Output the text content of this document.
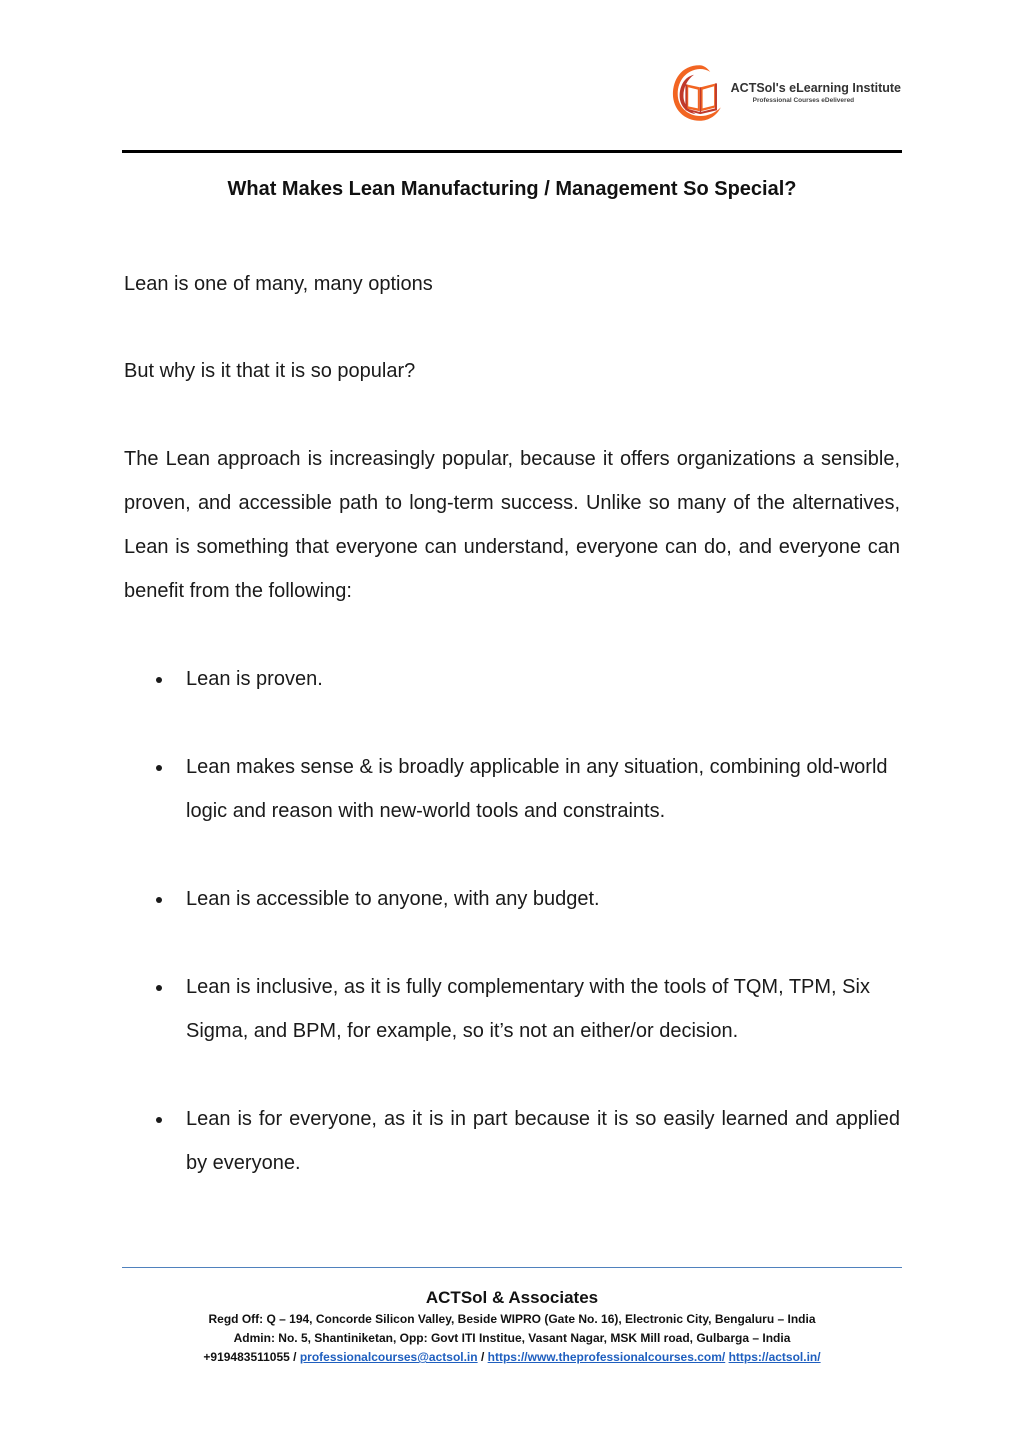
ACTSol's eLearning Institute
Professional Courses eDelivered
What Makes Lean Manufacturing / Management So Special?

Lean is one of many, many options

But why is it that it is so popular?

The Lean approach is increasingly popular, because it offers organizations a sensible, proven, and accessible path to long-term success. Unlike so many of the alternatives, Lean is something that everyone can understand, everyone can do, and everyone can benefit from the following:

Lean is proven.
Lean makes sense & is broadly applicable in any situation, combining old-world logic and reason with new-world tools and constraints.
Lean is accessible to anyone, with any budget.
Lean is inclusive, as it is fully complementary with the tools of TQM, TPM, Six Sigma, and BPM, for example, so it’s not an either/or decision.
Lean is for everyone, as it is in part because it is so easily learned and applied by everyone.
ACTSol & Associates
Regd Off: Q – 194, Concorde Silicon Valley, Beside WIPRO (Gate No. 16), Electronic City, Bengaluru – India
Admin: No. 5, Shantiniketan, Opp: Govt ITI Institue, Vasant Nagar, MSK Mill road, Gulbarga – India
+919483511055 / professionalcourses@actsol.in / https://www.theprofessionalcourses.com/ https://actsol.in/
